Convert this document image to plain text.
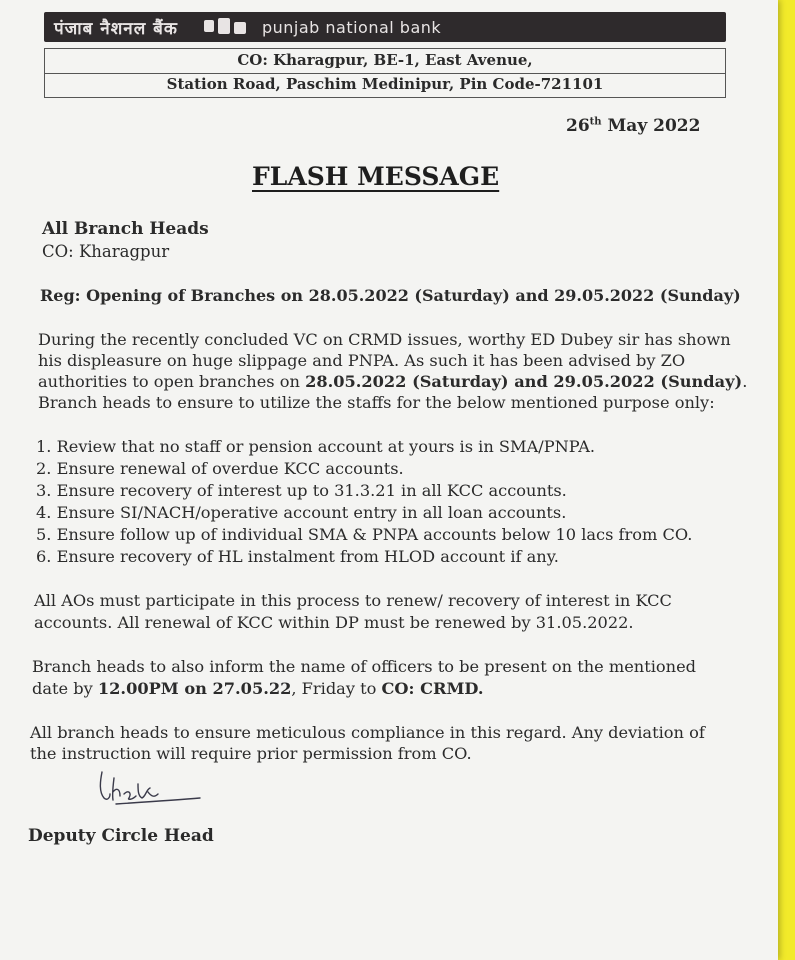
पंजाब नैशनल बैंक	punjab national bank
CO: Kharagpur, BE-1, East Avenue,
Station Road, Paschim Medinipur, Pin Code-721101
26th May 2022
FLASH MESSAGE
All Branch Heads
CO: Kharagpur
Reg: Opening of Branches on 28.05.2022 (Saturday) and 29.05.2022 (Sunday)
During the recently concluded VC on CRMD issues, worthy ED Dubey sir has shown
his displeasure on huge slippage and PNPA. As such it has been advised by ZO
authorities to open branches on 28.05.2022 (Saturday) and 29.05.2022 (Sunday).
Branch heads to ensure to utilize the staffs for the below mentioned purpose only:
1. Review that no staff or pension account at yours is in SMA/PNPA.
2. Ensure renewal of overdue KCC accounts.
3. Ensure recovery of interest up to 31.3.21 in all KCC accounts.
4. Ensure SI/NACH/operative account entry in all loan accounts.
5. Ensure follow up of individual SMA & PNPA accounts below 10 lacs from CO.
6. Ensure recovery of HL instalment from HLOD account if any.
All AOs must participate in this process to renew/ recovery of interest in KCC
accounts. All renewal of KCC within DP must be renewed by 31.05.2022.
Branch heads to also inform the name of officers to be present on the mentioned
date by 12.00PM on 27.05.22, Friday to CO: CRMD.
All branch heads to ensure meticulous compliance in this regard. Any deviation of
the instruction will require prior permission from CO.
Deputy Circle Head
